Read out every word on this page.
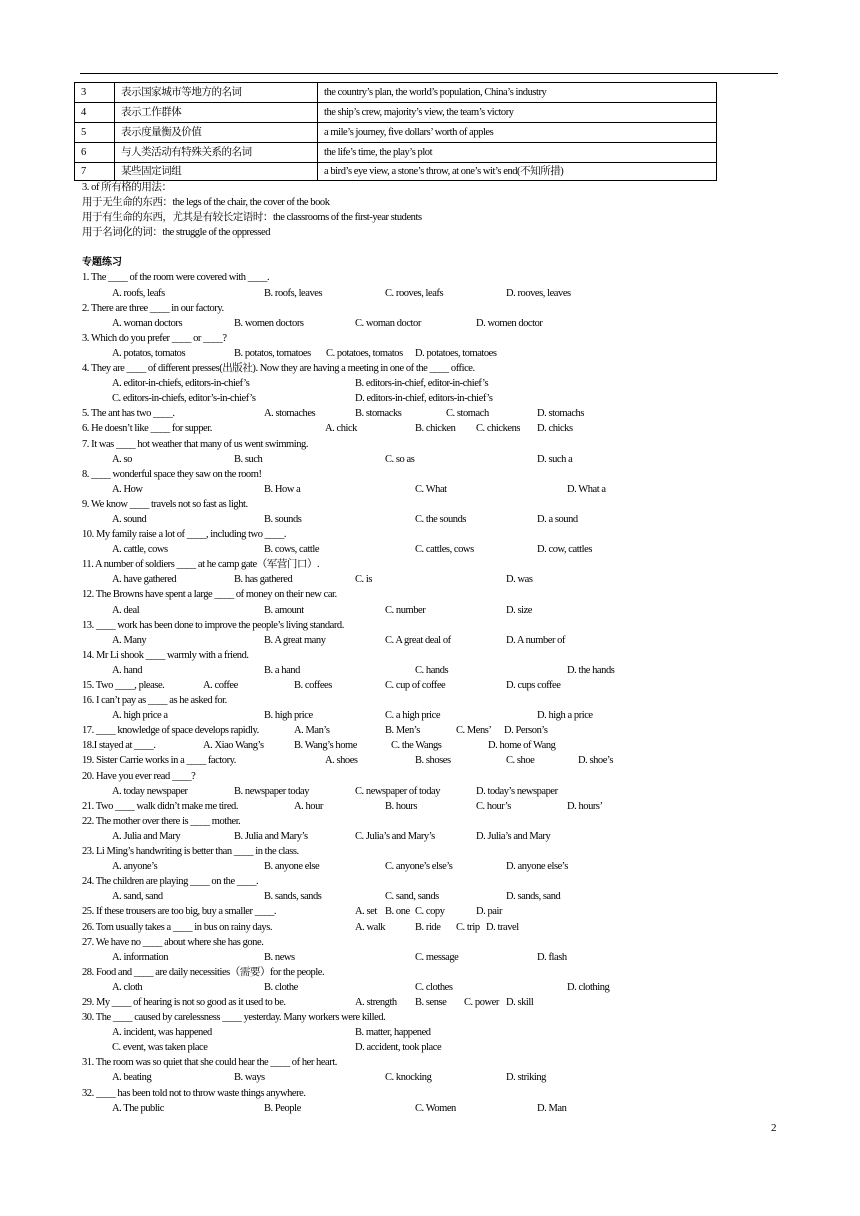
3	表示国家城市等地方的名词	the country’s plan, the world’s population, China’s industry
4	表示工作群体	the ship’s crew, majority’s view, the team’s victory
5	表示度量衡及价值	a mile’s journey, five dollars’ worth of apples
6	与人类活动有特殊关系的名词	the life’s time, the play’s plot
7	某些固定词组	a bird’s eye view, a stone’s throw, at one’s wit’s end(不知所措)
3. of 所有格的用法：
用于无生命的东西：the legs of the chair, the cover of the book
用于有生命的东西，尤其是有较长定语时：the classrooms of the first-year students
用于名词化的词：the struggle of the oppressed
专题练习
1. The ____ of the room were covered with ____.
A. roofs, leafs	B. roofs, leaves	C. rooves, leafs	D. rooves, leaves
2. There are three ____ in our factory.
A. woman doctors	B. women doctors	C. woman doctor	D. women doctor
3. Which do you prefer ____ or ____?
A. potatos, tomatos	B. potatos, tomatoes C. potatoes, tomatos D. potatoes, tomatoes
4. They are ____ of different presses(出版社). Now they are having a meeting in one of the ____ office.
A. editor-in-chiefs, editors-in-chief’s	B. editors-in-chief, editor-in-chief’s
C. editors-in-chiefs, editor’s-in-chief’s	D. editors-in-chief, editors-in-chief’s
5. The ant has two ____.	A. stomaches	B. stomacks	C. stomach	D. stomachs
6. He doesn’t like ____ for supper.	A. chick	B. chicken C. chickens D. chicks
7. It was ____ hot weather that many of us went swimming.
A. so	B. such	C. so as	D. such a
8. ____ wonderful space they saw on the room!
A. How	B. How a	C. What	D. What a
9. We know ____ travels not so fast as light.
A. sound	B. sounds	C. the sounds	D. a sound
10. My family raise a lot of ____, including two ____.
A. cattle, cows	B. cows, cattle	C. cattles, cows	D. cow, cattles
11. A number of soldiers ____ at he camp gate（军营门口）.
A. have gathered	B. has gathered	C. is	D. was
12. The Browns have spent a large ____ of money on their new car.
A. deal	B. amount	C. number	D. size
13. ____ work has been done to improve the people’s living standard.
A. Many	B. A great many	C. A great deal of	D. A number of
14. Mr Li shook ____ warmly with a friend.
A. hand	B. a hand	C. hands	D. the hands
15. Two ____, please.	A. coffee	B. coffees	C. cup of coffee	D. cups coffee
16. I can’t pay as ____ as he asked for.
A. high price a	B. high price	C. a high price	D. high a price
17. ____ knowledge of space develops rapidly.	A. Man’s	B. Men’s	C. Mens’ D. Person’s
18.I stayed at ____.	A. Xiao Wang’s	B. Wang’s home	C. the Wangs	D. home of Wang
19. Sister Carrie works in a ____ factory.	A. shoes	B. shoses	C. shoe	D. shoe’s
20. Have you ever read ____?
A. today newspaper	B. newspaper today	C. newspaper of today	D. today’s newspaper
21. Two ____ walk didn’t make me tired.	A. hour	B. hours	C. hour’s	D. hours’
22. The mother over there is ____ mother.
A. Julia and Mary	B. Julia and Mary’s	C. Julia’s and Mary’s	D. Julia’s and Mary
23. Li Ming’s handwriting is better than ____ in the class.
A. anyone’s	B. anyone else	C. anyone’s else’s	D. anyone else’s
24. The children are playing ____ on the ____.
A. sand, sand	B. sands, sands	C. sand, sands	D. sands, sand
25. If these trousers are too big, buy a smaller ____.	A. set B. one C. copy	D. pair
26. Tom usually takes a ____ in bus on rainy days.	A. walk	B. ride C. trip D. travel
27. We have no ____ about where she has gone.
A. information	B. news	C. message	D. flash
28. Food and ____ are daily necessities（需要）for the people.
A. cloth	B. clothe	C. clothes	D. clothing
29. My ____ of hearing is not so good as it used to be.	A. strength B. sense C. power D. skill
30. The ____ caused by carelessness ____ yesterday. Many workers were killed.
A. incident, was happened	B. matter, happened
C. event, was taken place	D. accident, took place
31. The room was so quiet that she could hear the ____ of her heart.
A. beating	B. ways	C. knocking	D. striking
32. ____ has been told not to throw waste things anywhere.
A. The public	B. People	C. Women	D. Man
2
